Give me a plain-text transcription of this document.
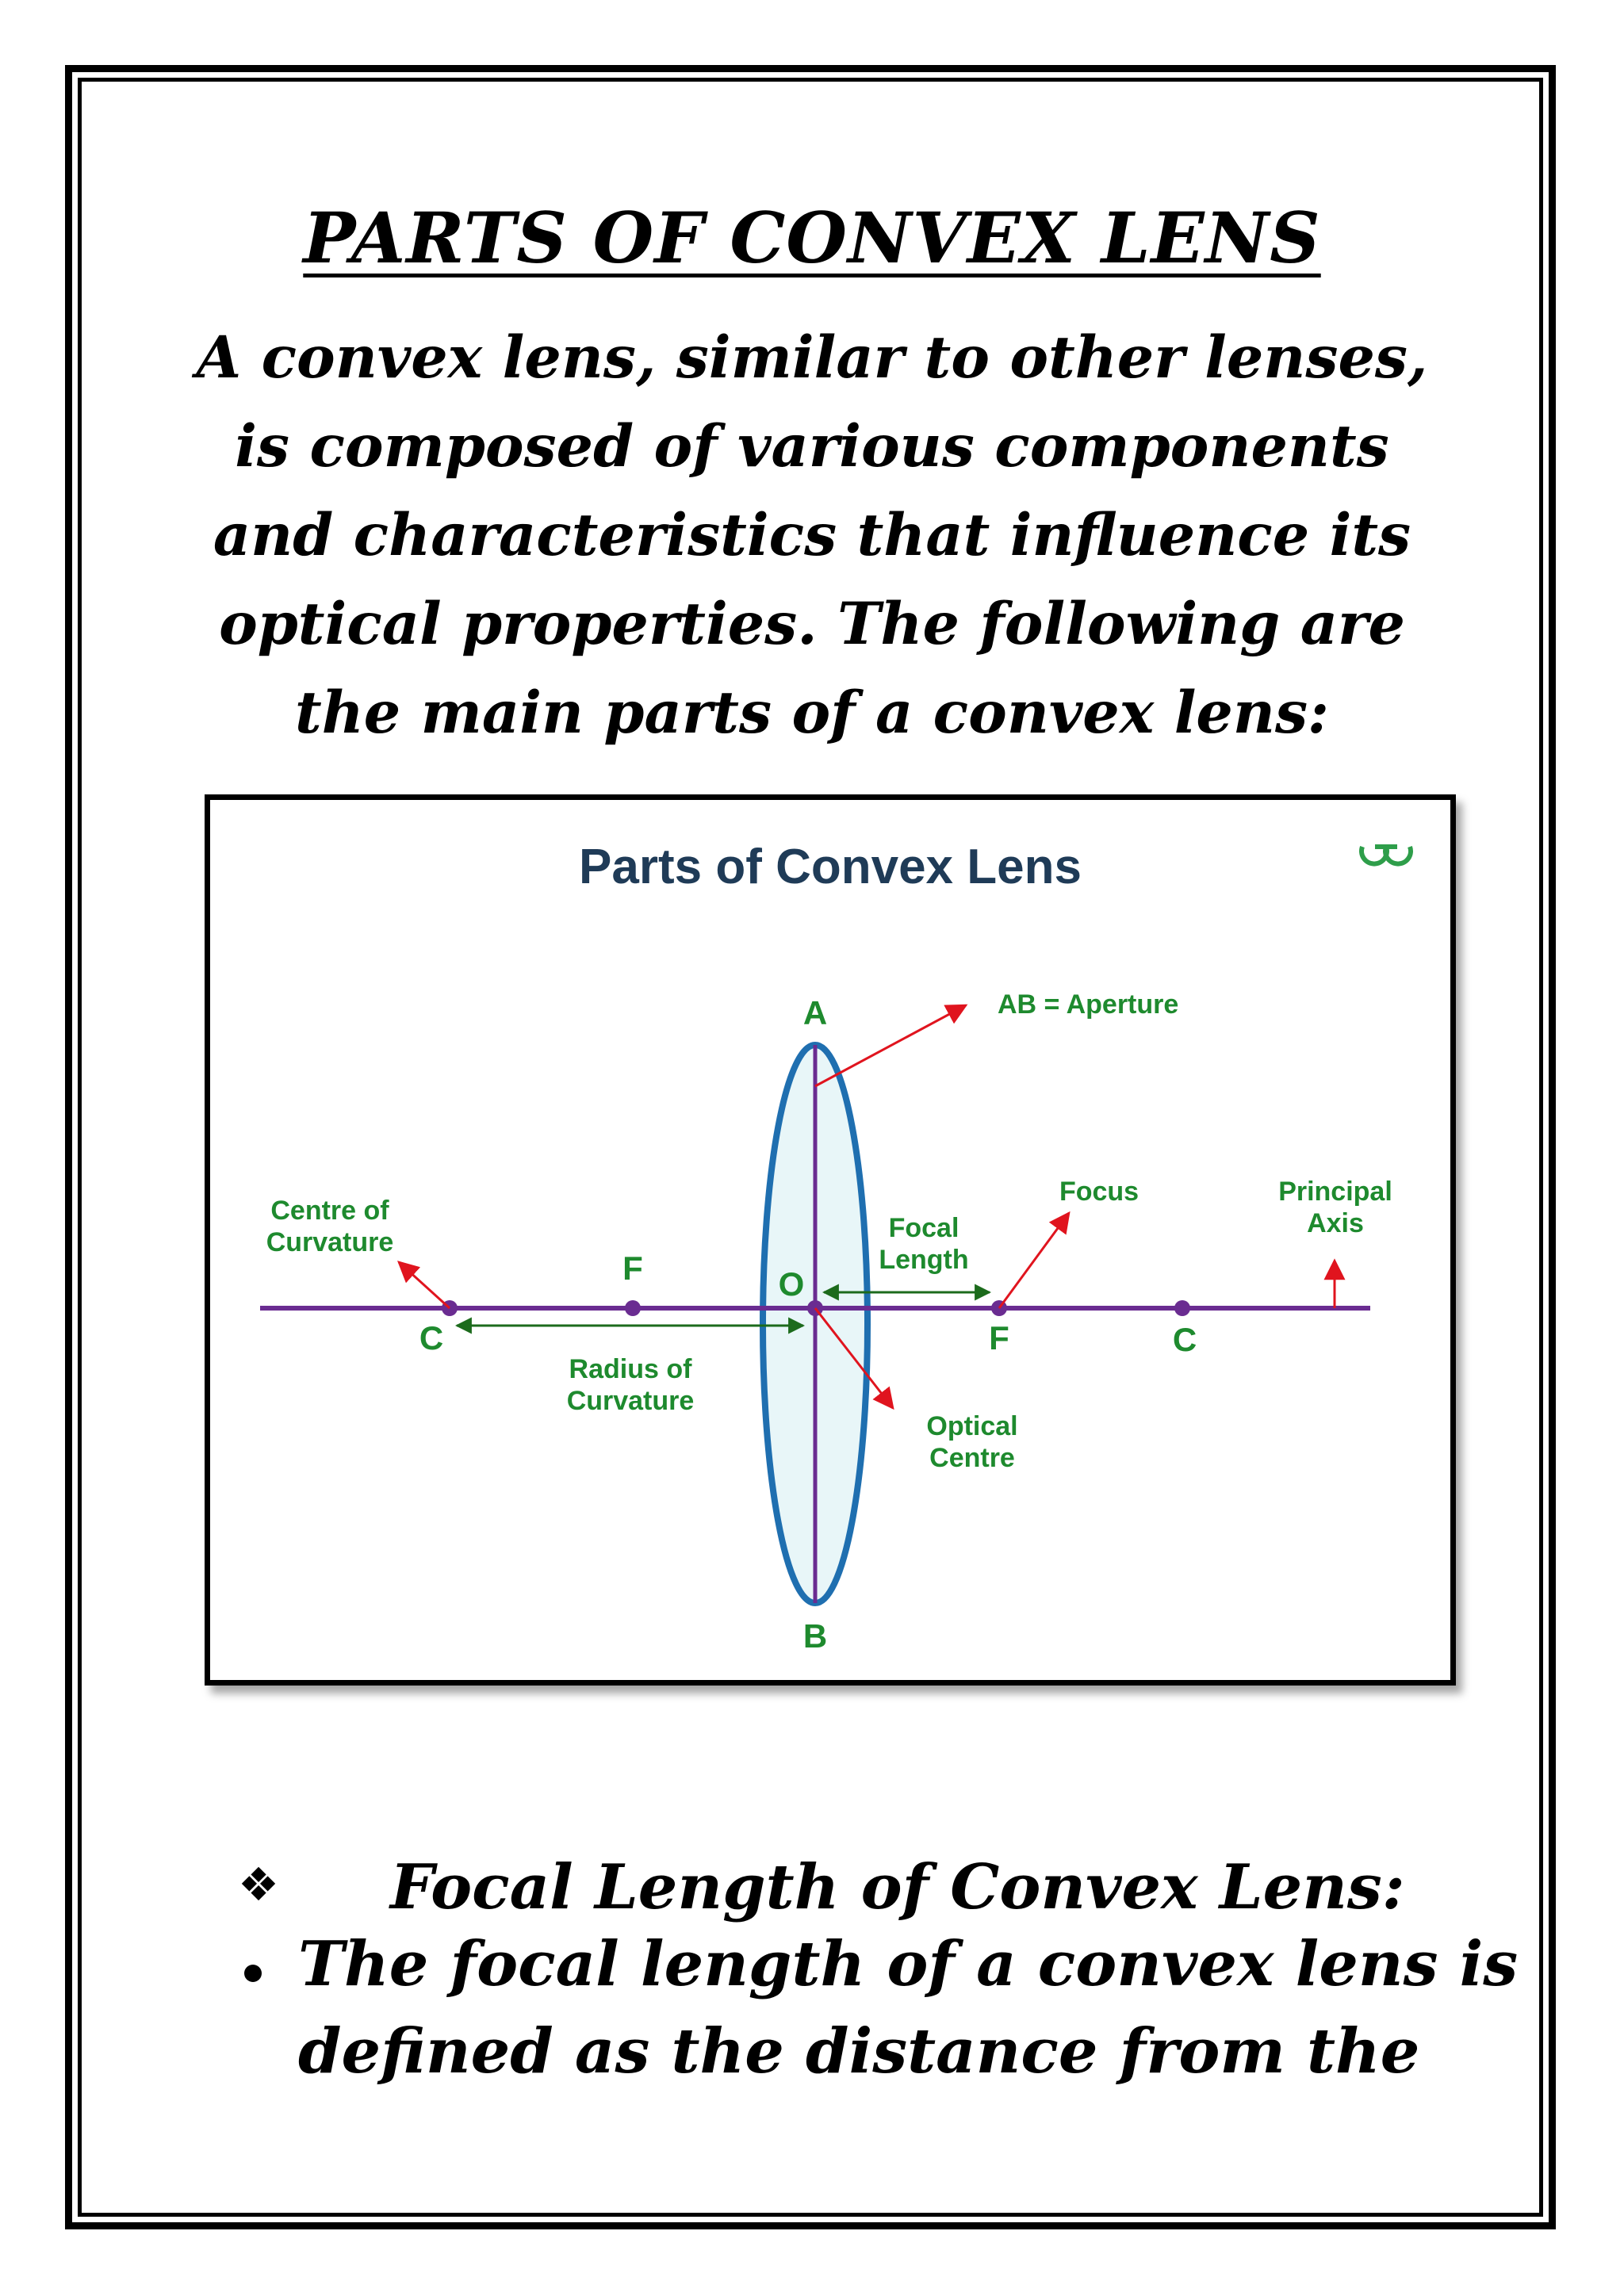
PARTS OF CONVEX LENS
A convex lens, similar to other lenses,
is composed of various components
and characteristics that influence its
optical properties. The following are
the main parts of a convex lens:
Parts of Convex Lens
A
B
O
F
F
C	C
AB = Aperture
Focus	Principal
Axis
Centre of
Curvature	Focal
Length
Radius of
Curvature
Optical
Centre
❖ Focal Length of Convex Lens:
The focal length of a convex lens is
defined as the distance from the
